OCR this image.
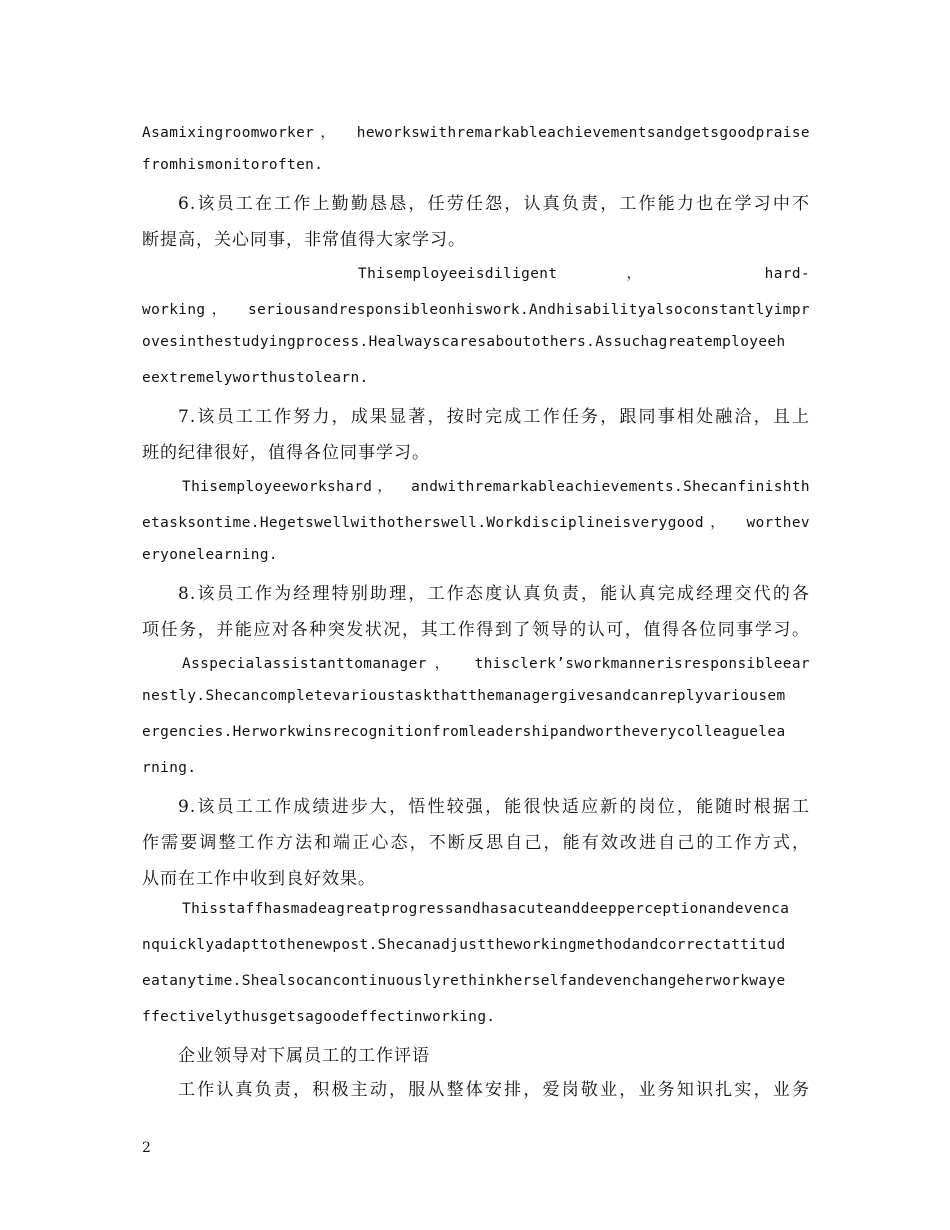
Asamixingroomworker， heworkswithremarkableachievementsandgetsgoodpraise
fromhismonitoroften.
6.该员工在工作上勤勤恳恳，任劳任怨，认真负责，工作能力也在学习中不
断提高，关心同事，非常值得大家学习。
Thisemployeeisdiligent ， hard-
working， seriousandresponsibleonhiswork.Andhisabilityalsoconstantlyimpr
ovesinthestudyingprocess.Healwayscaresaboutothers.Assuchagreatemployeeh
eextremelyworthustolearn.
7.该员工工作努力，成果显著，按时完成工作任务，跟同事相处融洽，且上
班的纪律很好，值得各位同事学习。
Thisemployeeworkshard， andwithremarkableachievements.Shecanfinishth
etasksontime.Hegetswellwithotherswell.Workdisciplineisverygood， worthev
eryonelearning.
8.该员工作为经理特别助理，工作态度认真负责，能认真完成经理交代的各
项任务，并能应对各种突发状况，其工作得到了领导的认可，值得各位同事学习。
Asspecialassistanttomanager， thisclerk’sworkmannerisresponsibleear
nestly.Shecancompletevarioustaskthatthemanagergivesandcanreplyvariousem
ergencies.Herworkwinsrecognitionfromleadershipandwortheverycolleaguelea
rning.
9.该员工工作成绩进步大，悟性较强，能很快适应新的岗位，能随时根据工
作需要调整工作方法和端正心态，不断反思自己，能有效改进自己的工作方式，
从而在工作中收到良好效果。
Thisstaffhasmadeagreatprogressandhasacuteanddeepperceptionandevenca
nquicklyadapttothenewpost.Shecanadjusttheworkingmethodandcorrectattitud
eatanytime.Shealsocancontinuouslyrethinkherselfandevenchangeherworkwaye
ffectivelythusgetsagoodeffectinworking.
企业领导对下属员工的工作评语
工作认真负责，积极主动，服从整体安排，爱岗敬业，业务知识扎实，业务
2
